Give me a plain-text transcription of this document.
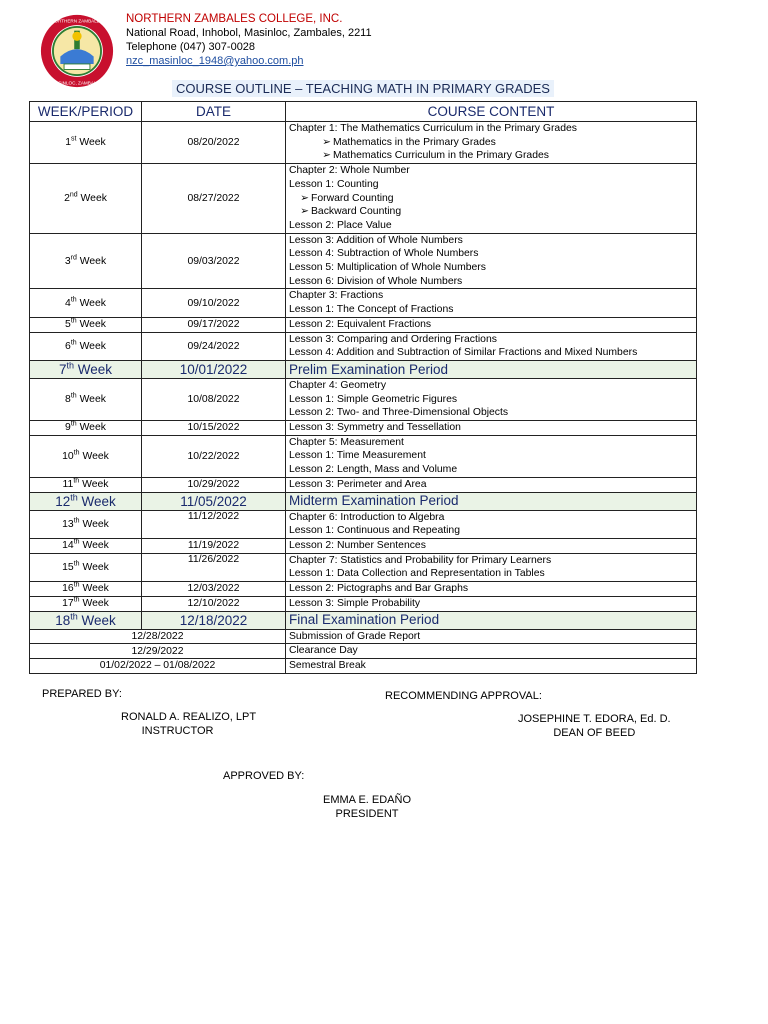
NORTHERN ZAMBALES
MASINLOC, ZAMBALES
NORTHERN ZAMBALES COLLEGE, INC.
National Road, Inhobol, Masinloc, Zambales, 2211
Telephone (047) 307-0028
nzc_masinloc_1948@yahoo.com.ph
COURSE OUTLINE – TEACHING MATH IN PRIMARY GRADES
WEEK/PERIOD	DATE	COURSE CONTENT
1st Week	08/20/2022	Chapter 1: The Mathematics Curriculum in the Primary Grades
➢ Mathematics in the Primary Grades
➢ Mathematics Curriculum in the Primary Grades

2nd Week	08/27/2022	Chapter 2: Whole Number
Lesson 1: Counting
➢ Forward Counting
➢ Backward Counting
Lesson 2: Place Value

3rd Week	09/03/2022	Lesson 3: Addition of Whole Numbers
Lesson 4: Subtraction of Whole Numbers
Lesson 5: Multiplication of Whole Numbers
Lesson 6: Division of Whole Numbers

4th Week	09/10/2022	Chapter 3: Fractions
Lesson 1: The Concept of Fractions

5th Week	09/17/2022	Lesson 2: Equivalent Fractions

6th Week	09/24/2022	Lesson 3: Comparing and Ordering Fractions
Lesson 4: Addition and Subtraction of Similar Fractions and Mixed Numbers

7th Week	10/01/2022	Prelim Examination Period
8th Week	10/08/2022	Chapter 4: Geometry
Lesson 1: Simple Geometric Figures
Lesson 2: Two- and Three-Dimensional Objects

9th Week	10/15/2022	Lesson 3: Symmetry and Tessellation

10th Week	10/22/2022	Chapter 5: Measurement
Lesson 1: Time Measurement
Lesson 2: Length, Mass and Volume

11th Week	10/29/2022	Lesson 3: Perimeter and Area

12th Week	11/05/2022	Midterm Examination Period
13th Week	11/12/2022	Chapter 6: Introduction to Algebra
Lesson 1: Continuous and Repeating

14th Week	11/19/2022	Lesson 2: Number Sentences

15th Week	11/26/2022	Chapter 7: Statistics and Probability for Primary Learners
Lesson 1: Data Collection and Representation in Tables

16th Week	12/03/2022	Lesson 2: Pictographs and Bar Graphs

17th Week	12/10/2022	Lesson 3: Simple Probability

18th Week	12/18/2022	Final Examination Period
12/28/2022		Submission of Grade Report
12/29/2022		Clearance Day
01/02/2022 – 01/08/2022		Semestral Break
PREPARED BY:
RONALD A. REALIZO, LPT
INSTRUCTOR
RECOMMENDING APPROVAL:
JOSEPHINE T. EDORA, Ed. D.
DEAN OF BEED
APPROVED BY:
EMMA E. EDAÑO
PRESIDENT
